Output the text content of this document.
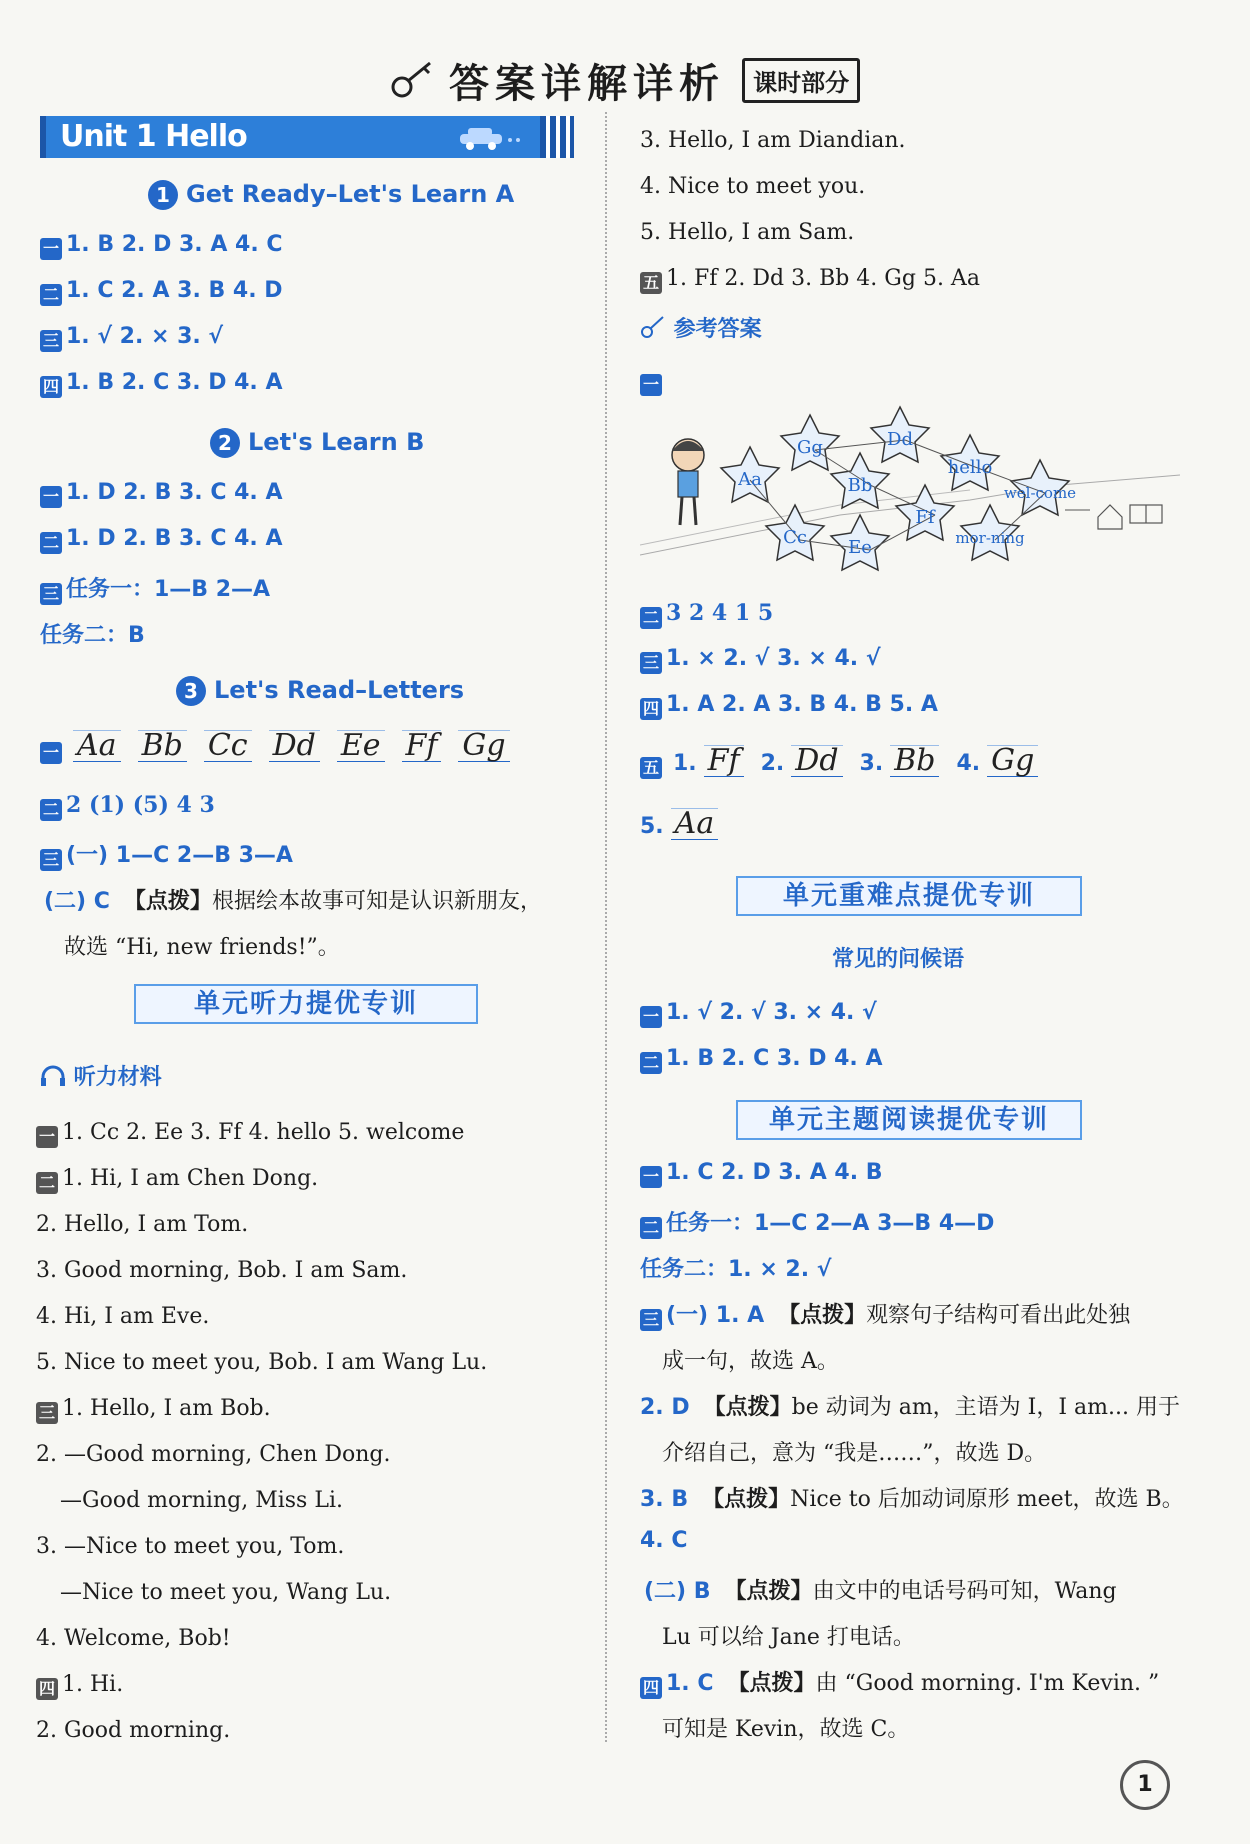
答案详解详析 课时部分
Unit 1 Hello
1 Get Ready–Let's Learn A
一 1. B 2. D 3. A 4. C
二 1. C 2. A 3. B 4. D
三 1. √ 2. × 3. √
四 1. B 2. C 3. D 4. A
2 Let's Learn B
一 1. D 2. B 3. C 4. A
二 1. D 2. B 3. C 4. A
三 任务一：1—B 2—A
任务二：B
3 Let's Read–Letters
一 Aa Bb Cc Dd Ee Ff Gg
二 2 (1) (5) 4 3
三 (一) 1—C 2—B 3—A
(二) C 【点拨】根据绘本故事可知是认识新朋友，
故选 “Hi, new friends!”。
单元听力提优专训
听力材料
一 1. Cc 2. Ee 3. Ff 4. hello 5. welcome
二 1. Hi, I am Chen Dong.
2. Hello, I am Tom.
3. Good morning, Bob. I am Sam.
4. Hi, I am Eve.
5. Nice to meet you, Bob. I am Wang Lu.
三 1. Hello, I am Bob.
2. —Good morning, Chen Dong.
—Good morning, Miss Li.
3. —Nice to meet you, Tom.
—Nice to meet you, Wang Lu.
4. Welcome, Bob!
四 1. Hi.
2. Good morning.
3. Hello, I am Diandian.
4. Nice to meet you.
5. Hello, I am Sam.
五 1. Ff 2. Dd 3. Bb 4. Gg 5. Aa
参考答案
一
Gg	Dd
Aa	Bb
hello
wel-come
Ff
Cc Ee	mor-ning
二 3 2 4 1 5
三 1. × 2. √ 3. × 4. √
四 1. A 2. A 3. B 4. B 5. A
五 1. Ff 2. Dd 3. Bb 4. Gg
5. Aa
单元重难点提优专训
常见的问候语
一 1. √ 2. √ 3. × 4. √
二 1. B 2. C 3. D 4. A
单元主题阅读提优专训
一 1. C 2. D 3. A 4. B
二 任务一：1—C 2—A 3—B 4—D
任务二：1. × 2. √
三 (一) 1. A 【点拨】观察句子结构可看出此处独
成一句，故选 A。
2. D 【点拨】be 动词为 am，主语为 I，I am... 用于
介绍自己，意为 “我是……”，故选 D。
3. B 【点拨】Nice to 后加动词原形 meet，故选 B。
4. C
(二) B 【点拨】由文中的电话号码可知，Wang
Lu 可以给 Jane 打电话。
四 1. C 【点拨】由 “Good morning. I'm Kevin. ”
可知是 Kevin，故选 C。
1
